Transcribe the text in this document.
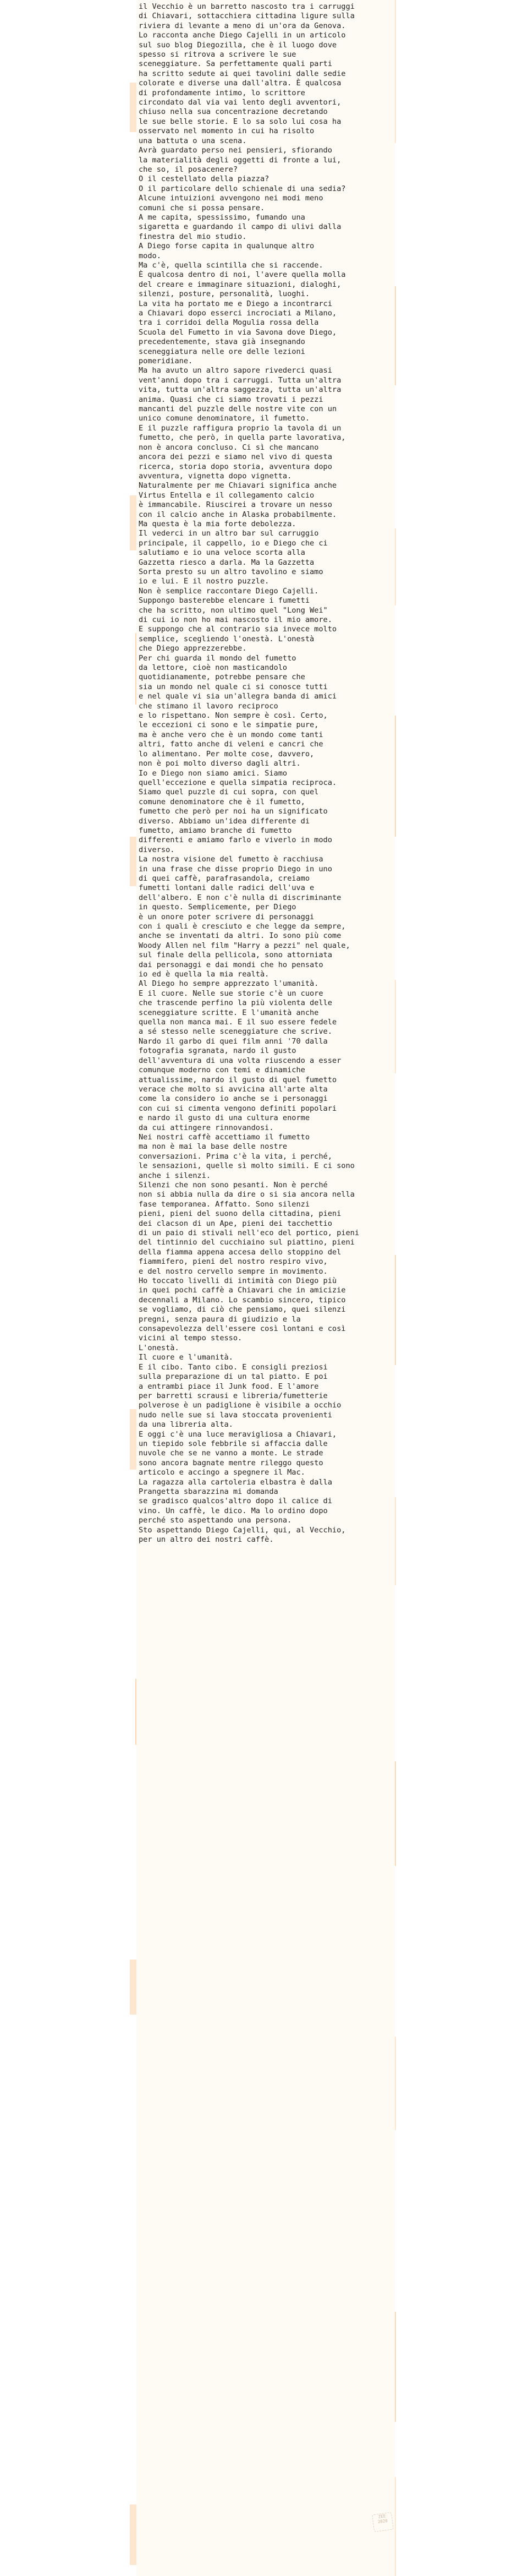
il Vecchio è un barretto nascosto tra i carruggi

di Chiavari, sottacchiera cittadina ligure sulla

riviera di levante a meno di un'ora da Genova.

Lo racconta anche Diego Cajelli in un articolo

sul suo blog Diegozilla, che è il luogo dove

spesso si ritrova a scrivere le sue

sceneggiature. Sa perfettamente quali parti

ha scritto sedute ai quei tavolini dalle sedie

colorate e diverse una dall'altra. È qualcosa

di profondamente intimo, lo scrittore

circondato dal via vai lento degli avventori,

chiuso nella sua concentrazione decretando

le sue belle storie. E lo sa solo lui cosa ha

osservato nel momento in cui ha risolto

una battuta o una scena.

Avrà guardato perso nei pensieri, sfiorando

la materialità degli oggetti di fronte a lui,

che so, il posacenere?

O il cestellato della piazza?

O il particolare dello schienale di una sedia?

Alcune intuizioni avvengono nei modi meno

comuni che si possa pensare.

A me capita, spessissimo, fumando una

sigaretta e guardando il campo di ulivi dalla

finestra del mio studio.

A Diego forse capita in qualunque altro

modo.

Ma c'è, quella scintilla che si raccende.

È qualcosa dentro di noi, l'avere quella molla

del creare e immaginare situazioni, dialoghi,

silenzi, posture, personalità, luoghi.

La vita ha portato me e Diego a incontrarci

a Chiavari dopo esserci incrociati a Milano,

tra i corridoi della Mogulia rossa della

Scuola del Fumetto in via Savona dove Diego,

precedentemente, stava già insegnando

sceneggiatura nelle ore delle lezioni

pomeridiane.

Ma ha avuto un altro sapore rivederci quasi

vent'anni dopo tra i carruggi. Tutta un'altra

vita, tutta un'altra saggezza, tutta un'altra

anima. Quasi che ci siamo trovati i pezzi

mancanti del puzzle delle nostre vite con un

unico comune denominatore, il fumetto.

E il puzzle raffigura proprio la tavola di un

fumetto, che però, in quella parte lavorativa,

non è ancora concluso. Ci sì che mancano

ancora dei pezzi e siamo nel vivo di questa

ricerca, storia dopo storia, avventura dopo

avventura, vignetta dopo vignetta.

Naturalmente per me Chiavari significa anche

Virtus Entella e il collegamento calcio

è immancabile. Riuscirei a trovare un nesso

con il calcio anche in Alaska probabilmente.

Ma questa è la mia forte debolezza.

Il vederci in un altro bar sul carruggio

principale, il cappello, io e Diego che ci

salutiamo e io una veloce scorta alla

Gazzetta riesco a darla. Ma la Gazzetta

Sorta presto su un altro tavolino e siamo

io e lui. E il nostro puzzle.

Non è semplice raccontare Diego Cajelli.

Suppongo basterebbe elencare i fumetti

che ha scritto, non ultimo quel "Long Wei"

di cui io non ho mai nascosto il mio amore.

E suppongo che al contrario sia invece molto

semplice, scegliendo l'onestà. L'onestà

che Diego apprezzerebbe.

Per chi guarda il mondo del fumetto

da lettore, cioè non masticandolo

quotidianamente, potrebbe pensare che

sia un mondo nel quale ci si conosce tutti

e nel quale vi sia un'allegra banda di amici

che stimano il lavoro reciproco

e lo rispettano. Non sempre è così. Certo,

le eccezioni ci sono e le simpatie pure,

ma è anche vero che è un mondo come tanti

altri, fatto anche di veleni e cancri che

lo alimentano. Per molte cose, davvero,

non è poi molto diverso dagli altri.

Io e Diego non siamo amici. Siamo

quell'eccezione e quella simpatia reciproca.

Siamo quel puzzle di cui sopra, con quel

comune denominatore che è il fumetto,

fumetto che però per noi ha un significato

diverso. Abbiamo un'idea differente di

fumetto, amiamo branche di fumetto

differenti e amiamo farlo e viverlo in modo

diverso.

La nostra visione del fumetto è racchiusa

in una frase che disse proprio Diego in uno

di quei caffè, parafrasandola, creiamo

fumetti lontani dalle radici dell'uva e

dell'albero. E non c'è nulla di discriminante

in questo. Semplicemente, per Diego

è un onore poter scrivere di personaggi

con i quali è cresciuto e che legge da sempre,

anche se inventati da altri. Io sono più come

Woody Allen nel film "Harry a pezzi" nel quale,

sul finale della pellicola, sono attorniata

dai personaggi e dai mondi che ho pensato

io ed è quella la mia realtà.

Al Diego ho sempre apprezzato l'umanità.

E il cuore. Nelle sue storie c'è un cuore

che trascende perfino la più violenta delle

sceneggiature scritte. E l'umanità anche

quella non manca mai. E il suo essere fedele

a sé stesso nelle sceneggiature che scrive.

Nardo il garbo di quei film anni '70 dalla

fotografia sgranata, nardo il gusto

dell'avventura di una volta riuscendo a esser

comunque moderno con temi e dinamiche

attualissime, nardo il gusto di quel fumetto

verace che molto si avvicina all'arte alta

come la considero io anche se i personaggi

con cui si cimenta vengono definiti popolari

e nardo il gusto di una cultura enorme

da cui attingere rinnovandosi.

Nei nostri caffè accettiamo il fumetto

ma non è mai la base delle nostre

conversazioni. Prima c'è la vita, i perché,

le sensazioni, quelle sì molto simili. E ci sono

anche i silenzi.

Silenzi che non sono pesanti. Non è perché

non si abbia nulla da dire o si sia ancora nella

fase temporanea. Affatto. Sono silenzi

pieni, pieni del suono della cittadina, pieni

dei clacson di un Ape, pieni dei tacchettio

di un paio di stivali nell'eco del portico, pieni

del tintinnio del cucchiaino sul piattino, pieni

della fiamma appena accesa dello stoppino del

fiammifero, pieni del nostro respiro vivo,

e del nostro cervello sempre in movimento.

Ho toccato livelli di intimità con Diego più

in quei pochi caffè a Chiavari che in amicizie

decennali a Milano. Lo scambio sincero, tipico

se vogliamo, di ciò che pensiamo, quei silenzi

pregni, senza paura di giudizio e la

consapevolezza dell'essere così lontani e così

vicini al tempo stesso.

L'onestà.

Il cuore e l'umanità.

E il cibo. Tanto cibo. E consigli preziosi

sulla preparazione di un tal piatto. E poi

a entrambi piace il Junk food. E l'amore

per barretti scrausi e libreria/fumetterie

polverose è un padiglione è visibile a occhio

nudo nelle sue si lava stoccata provenienti

da una libreria alta.

E oggi c'è una luce meravigliosa a Chiavari,

un tiepido sole febbrile si affaccia dalle

nuvole che se ne vanno a monte. Le strade

sono ancora bagnate mentre rileggo questo

articolo e accingo a spegnere il Mac.

La ragazza alla cartoleria elbastra è dalla

Prangetta sbarazzina mi domanda

se gradisco qualcos'altro dopo il calice di

vino. Un caffè, le dico. Ma lo ordino dopo

perché sto aspettando una persona.

Sto aspettando Diego Cajelli, qui, al Vecchio,

per un altro dei nostri caffè.

ZEE
2020
